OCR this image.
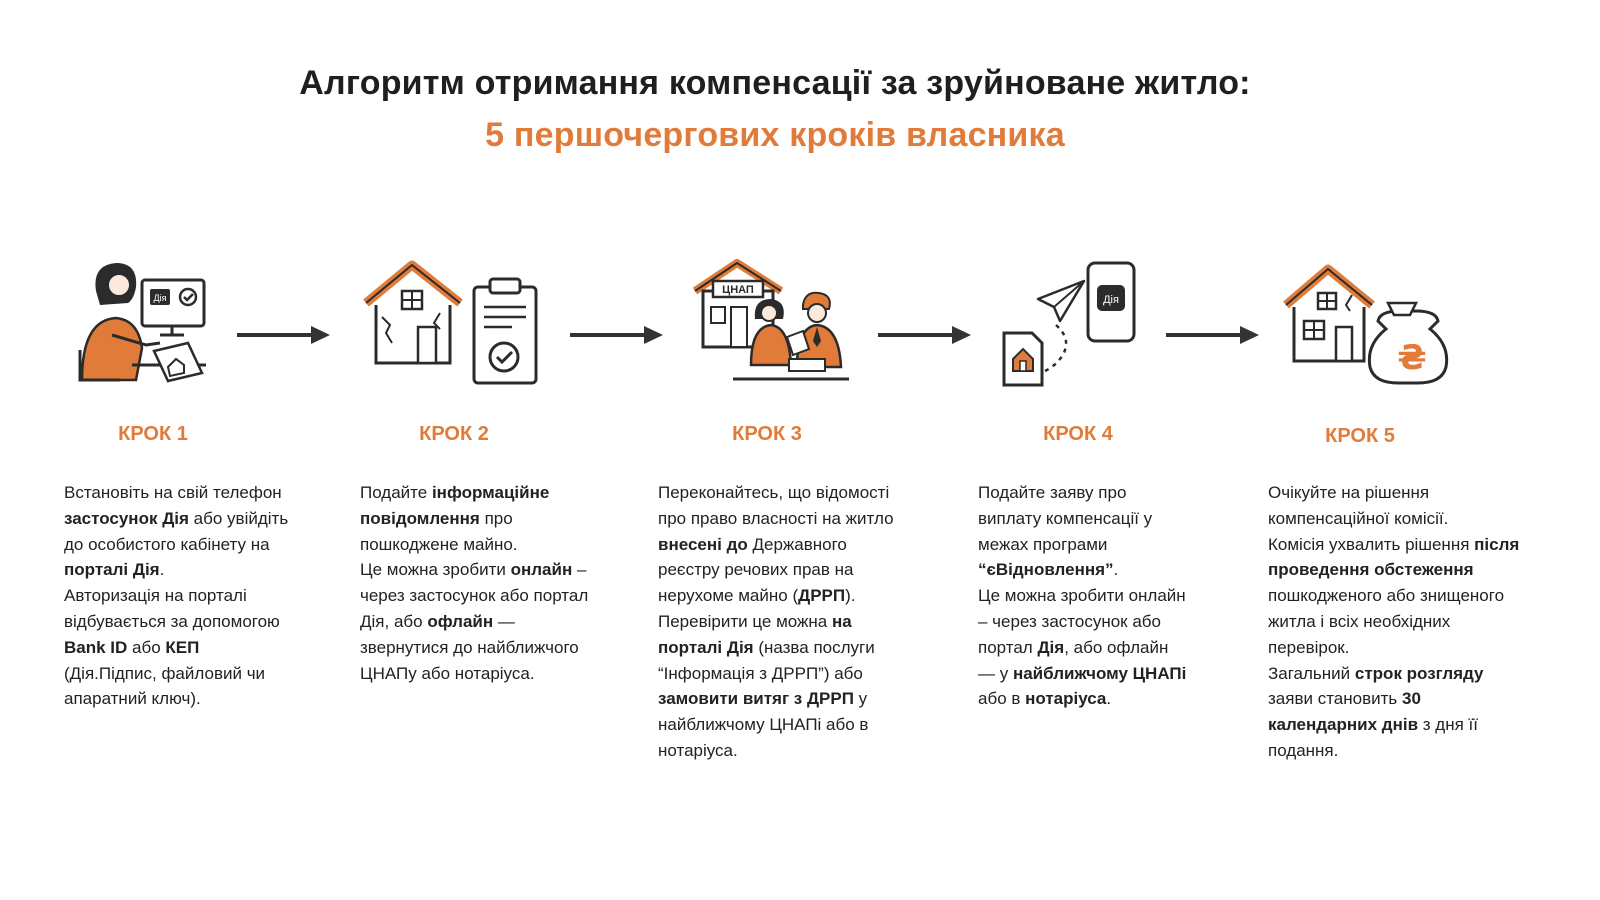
Алгоритм отримання компенсації за зруйноване житло:
5 першочергових кроків власника
Дія
ЦНАП
Дія
₴
КРОК 1	КРОК 2	КРОК 3	КРОК 4	КРОК 5
Встановіть на свій телефон застосунок Дія або увійдіть до особистого кабінету на порталі Дія.
Авторизація на порталі відбувається за допомогою Bank ID або КЕП (Дія.Підпис, файловий чи апаратний ключ).
Подайте інформаційне повідомлення про пошкоджене майно.
Це можна зробити онлайн – через застосунок або портал Дія, або офлайн — звернутися до найближчого ЦНАПу або нотаріуса.
Переконайтесь, що відомості про право власності на житло внесені до Державного реєстру речових прав на нерухоме майно (ДРРП).
Перевірити це можна на порталі Дія (назва послуги “Інформація з ДРРП”) або замовити витяг з ДРРП у найближчому ЦНАПі або в нотаріуса.
Подайте заяву про виплату компенсації у межах програми “єВідновлення”.
Це можна зробити онлайн – через застосунок або портал Дія, або офлайн — у найближчому ЦНАПі або в нотаріуса.
Очікуйте на рішення компенсаційної комісії.
Комісія ухвалить рішення після проведення обстеження пошкодженого або знищеного житла і всіх необхідних перевірок.
Загальний строк розгляду заяви становить 30 календарних днів з дня її подання.
